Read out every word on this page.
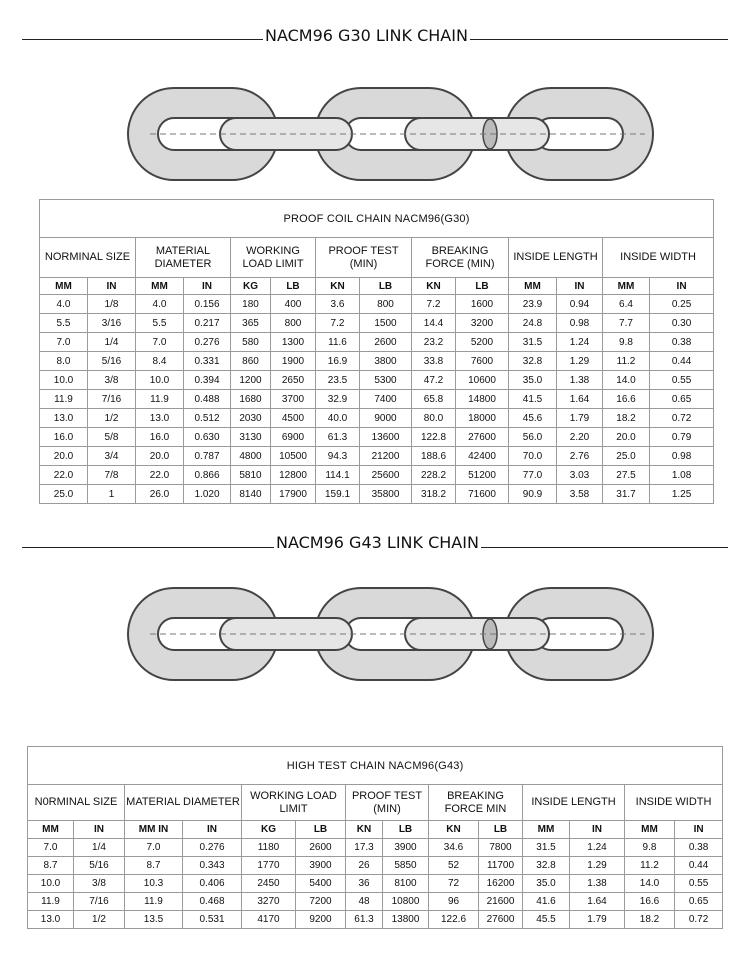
NACM96 G30 LINK CHAIN
PROOF COIL CHAIN NACM96(G30)													
NORMINAL SIZE		MATERIAL DIAMETER		WORKING LOAD LIMIT		PROOF TEST (MIN)		BREAKING FORCE (MIN)		INSIDE LENGTH		INSIDE WIDTH	
MM	IN	MM	IN	KG	LB	KN	LB	KN	LB	MM	IN	MM	IN
4.0	1/8	4.0	0.156	180	400	3.6	800	7.2	1600	23.9	0.94	6.4	0.25
5.5	3/16	5.5	0.217	365	800	7.2	1500	14.4	3200	24.8	0.98	7.7	0.30
7.0	1/4	7.0	0.276	580	1300	11.6	2600	23.2	5200	31.5	1.24	9.8	0.38
8.0	5/16	8.4	0.331	860	1900	16.9	3800	33.8	7600	32.8	1.29	11.2	0.44
10.0	3/8	10.0	0.394	1200	2650	23.5	5300	47.2	10600	35.0	1.38	14.0	0.55
11.9	7/16	11.9	0.488	1680	3700	32.9	7400	65.8	14800	41.5	1.64	16.6	0.65
13.0	1/2	13.0	0.512	2030	4500	40.0	9000	80.0	18000	45.6	1.79	18.2	0.72
16.0	5/8	16.0	0.630	3130	6900	61.3	13600	122.8	27600	56.0	2.20	20.0	0.79
20.0	3/4	20.0	0.787	4800	10500	94.3	21200	188.6	42400	70.0	2.76	25.0	0.98
22.0	7/8	22.0	0.866	5810	12800	114.1	25600	228.2	51200	77.0	3.03	27.5	1.08
25.0	1	26.0	1.020	8140	17900	159.1	35800	318.2	71600	90.9	3.58	31.7	1.25
NACM96 G43 LINK CHAIN
HIGH TEST CHAIN NACM96(G43)													
N0RMINAL SIZE		MATERIAL DIAMETER		WORKING LOAD LIMIT		PROOF TEST (MIN)		BREAKING FORCE MIN		INSIDE LENGTH		INSIDE WIDTH	
MM	IN	MM IN	IN	KG	LB	KN	LB	KN	LB	MM	IN	MM	IN
7.0	1/4	7.0	0.276	1180	2600	17.3	3900	34.6	7800	31.5	1.24	9.8	0.38
8.7	5/16	8.7	0.343	1770	3900	26	5850	52	11700	32.8	1.29	11.2	0.44
10.0	3/8	10.3	0.406	2450	5400	36	8100	72	16200	35.0	1.38	14.0	0.55
11.9	7/16	11.9	0.468	3270	7200	48	10800	96	21600	41.6	1.64	16.6	0.65
13.0	1/2	13.5	0.531	4170	9200	61.3	13800	122.6	27600	45.5	1.79	18.2	0.72
